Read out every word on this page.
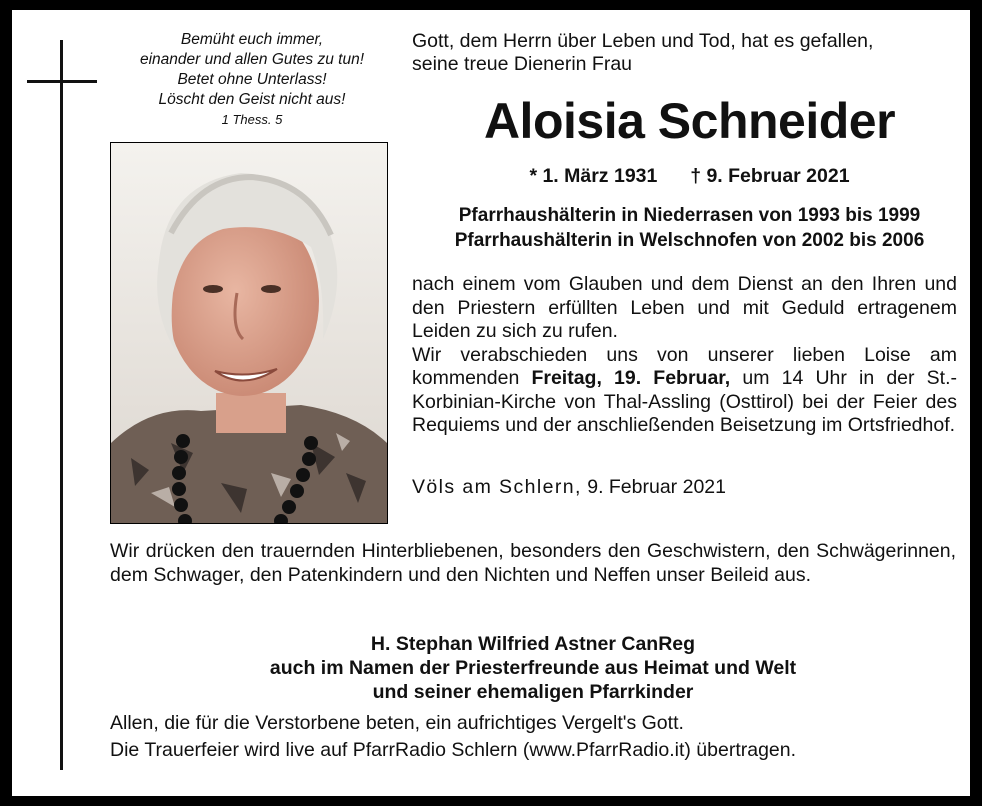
Bemüht euch immer,
einander und allen Gutes zu tun!
Betet ohne Unterlass!
Löscht den Geist nicht aus!
1 Thess. 5
Gott, dem Herrn über Leben und Tod, hat es gefallen,
seine treue Dienerin Frau
Aloisia Schneider
* 1. März 1931 † 9. Februar 2021
Pfarrhaushälterin in Niederrasen von 1993 bis 1999
Pfarrhaushälterin in Welschnofen von 2002 bis 2006
nach einem vom Glauben und dem Dienst an den Ihren und den Priestern erfüllten Leben und mit Geduld ertragenem Leiden zu sich zu rufen.
Wir verabschieden uns von unserer lieben Loise am kommenden Freitag, 19. Februar, um 14 Uhr in der St.-Korbinian-Kirche von Thal-Assling (Osttirol) bei der Feier des Requiems und der anschließenden Beisetzung im Ortsfriedhof.
Völs am Schlern, 9. Februar 2021
Wir drücken den trauernden Hinterbliebenen, besonders den Geschwistern, den Schwägerinnen, dem Schwager, den Patenkindern und den Nichten und Neffen unser Beileid aus.
H. Stephan Wilfried Astner CanReg
auch im Namen der Priesterfreunde aus Heimat und Welt
und seiner ehemaligen Pfarrkinder
Allen, die für die Verstorbene beten, ein aufrichtiges Vergelt's Gott.
Die Trauerfeier wird live auf PfarrRadio Schlern (www.PfarrRadio.it) übertragen.
